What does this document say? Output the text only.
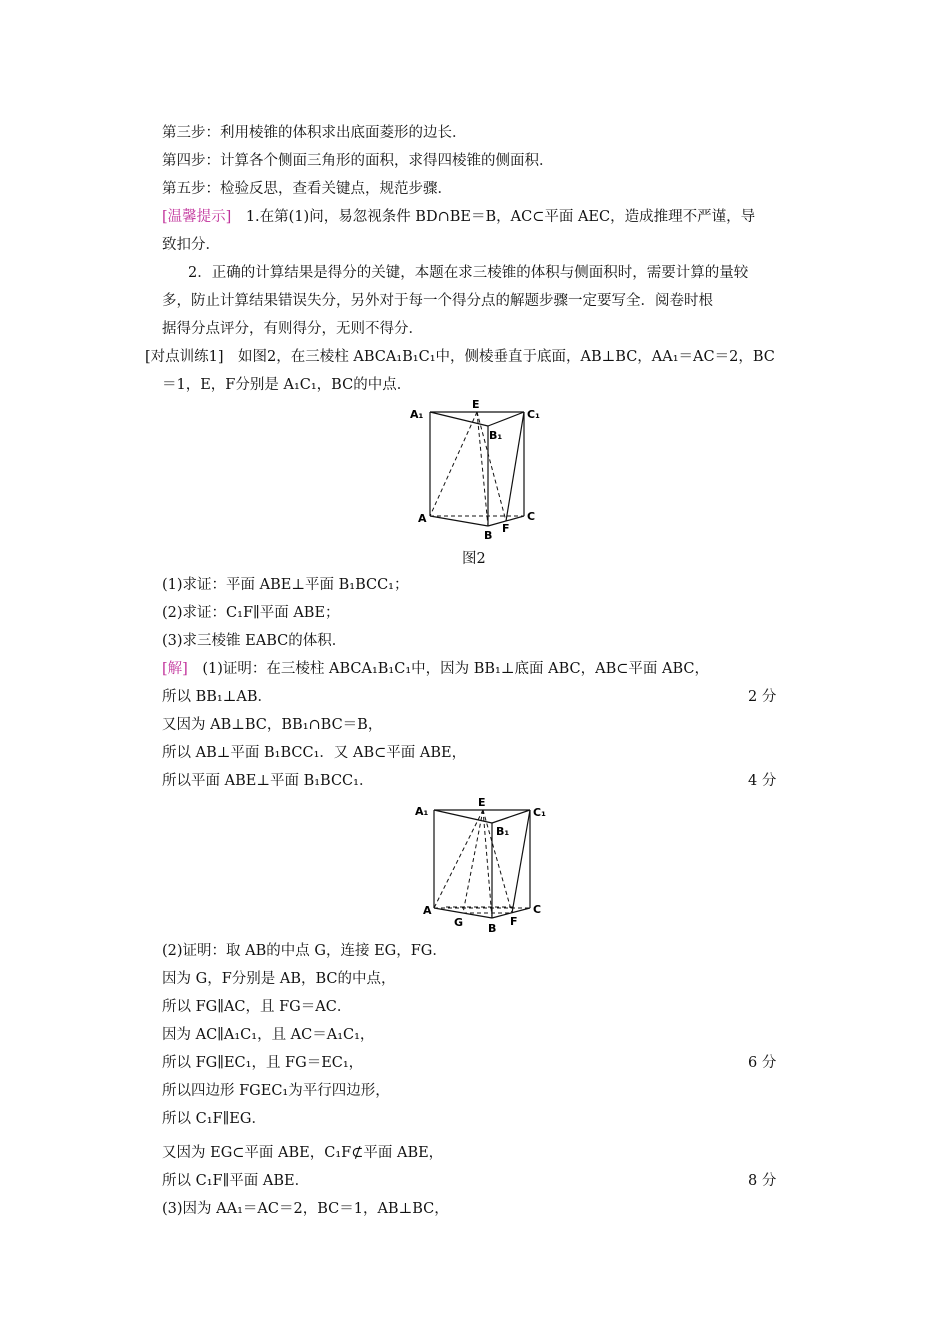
第三步：利用棱锥的体积求出底面菱形的边长．
第四步：计算各个侧面三角形的面积，求得四棱锥的侧面积．
第五步：检验反思，查看关键点，规范步骤．
[温馨提示]　1.在第(1)问，易忽视条件 BD∩BE＝B，AC⊂平面 AEC，造成推理不严谨，导
致扣分．
2．正确的计算结果是得分的关键，本题在求三棱锥的体积与侧面积时，需要计算的量较
多，防止计算结果错误失分，另外对于每一个得分点的解题步骤一定要写全．阅卷时根
据得分点评分，有则得分，无则不得分．
[对点训练1]　如图2，在三棱柱 ABCA₁B₁C₁中，侧棱垂直于底面，AB⊥BC，AA₁＝AC＝2，BC
＝1，E，F分别是 A₁C₁，BC的中点．
A₁
E
C₁
B₁
A
B
F
C
图2
(1)求证：平面 ABE⊥平面 B₁BCC₁；
(2)求证：C₁F∥平面 ABE；
(3)求三棱锥 EABC的体积．
[解]　(1)证明：在三棱柱 ABCA₁B₁C₁中，因为 BB₁⊥底面 ABC，AB⊂平面 ABC，
所以 BB₁⊥AB．	2 分
又因为 AB⊥BC，BB₁∩BC＝B，
所以 AB⊥平面 B₁BCC₁．又 AB⊂平面 ABE，
所以平面 ABE⊥平面 B₁BCC₁．	4 分
A₁
E
C₁
B₁
A
G B
F
C
(2)证明：取 AB的中点 G，连接 EG，FG．
因为 G，F分别是 AB，BC的中点，
所以 FG∥AC，且 FG＝AC．
因为 AC∥A₁C₁，且 AC＝A₁C₁，
所以 FG∥EC₁，且 FG＝EC₁，	6 分
所以四边形 FGEC₁为平行四边形，
所以 C₁F∥EG．
又因为 EG⊂平面 ABE，C₁F⊄平面 ABE，
所以 C₁F∥平面 ABE．	8 分
(3)因为 AA₁＝AC＝2，BC＝1，AB⊥BC，
